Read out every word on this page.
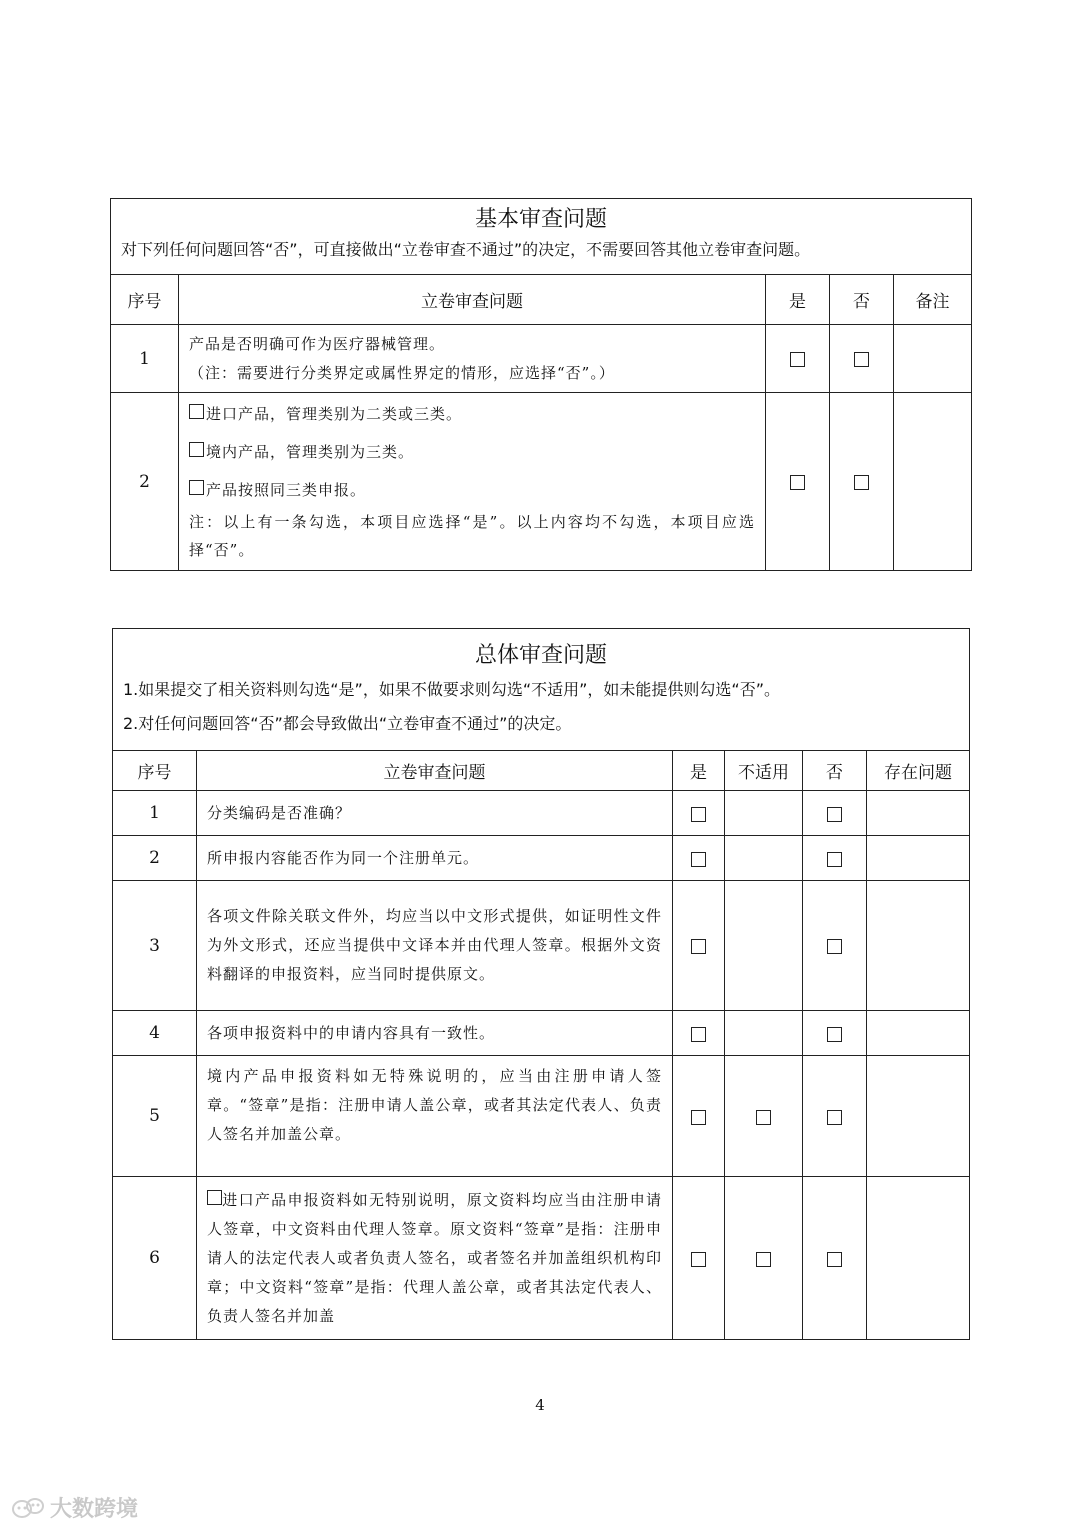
基本审查问题
对下列任何问题回答“否”，可直接做出“立卷审查不通过”的决定，不需要回答其他立卷审查问题。				

序号	立卷审查问题	是	否	备注
1	产品是否明确可作为医疗器械管理。
（注：需要进行分类界定或属性界定的情形，应选择“否”。）			

2	进口产品，管理类别为二类或三类。
境内产品，管理类别为三类。
产品按照同三类申报。
注：以上有一条勾选，本项目应选择“是”。以上内容均不勾选，本项目应选择“否”。			

总体审查问题
1.如果提交了相关资料则勾选“是”，如果不做要求则勾选“不适用”，如未能提供则勾选“否”。
2.对任何问题回答“否”都会导致做出“立卷审查不通过”的决定。					

序号	立卷审查问题	是	不适用	否	存在问题
1	分类编码是否准确？				
2	所申报内容能否作为同一个注册单元。				
3	各项文件除关联文件外，均应当以中文形式提供，如证明性文件为外文形式，还应当提供中文译本并由代理人签章。根据外文资料翻译的申报资料，应当同时提供原文。				
4	各项申报资料中的申请内容具有一致性。				
5	境内产品申报资料如无特殊说明的，应当由注册申请人签章。“签章”是指：注册申请人盖公章，或者其法定代表人、负责人签名并加盖公章。				
6	进口产品申报资料如无特别说明，原文资料均应当由注册申请人签章，中文资料由代理人签章。原文资料“签章”是指：注册申请人的法定代表人或者负责人签名，或者签名并加盖组织机构印章；中文资料“签章”是指：代理人盖公章，或者其法定代表人、负责人签名并加盖				
4
大数跨境
